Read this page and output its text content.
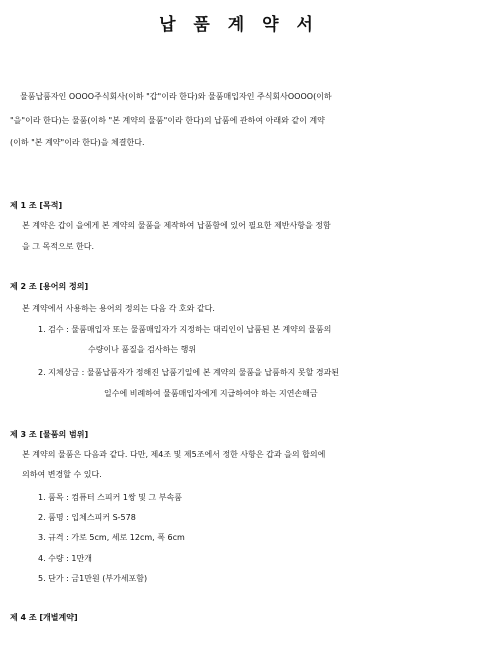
납 품 계 약 서
물품납품자인 OOOO주식회사(이하 "갑"이라 한다)와 물품매입자인 주식회사OOOO(이하
"을"이라 한다)는 물품(이하 "본 계약의 물품"이라 한다)의 납품에 관하여 아래와 같이 계약
(이하 "본 계약"이라 한다)을 체결한다.
제 1 조 [목적]
본 계약은 갑이 을에게 본 계약의 물품을 제작하여 납품함에 있어 필요한 제반사항을 정함
을 그 목적으로 한다.
제 2 조 [용어의 정의]
본 계약에서 사용하는 용어의 정의는 다음 각 호와 같다.
1. 검수 : 물품매입자 또는 물품매입자가 지정하는 대리인이 납품된 본 계약의 물품의
수량이나 품질을 검사하는 행위
2. 지체상금 : 물품납품자가 정해진 납품기일에 본 계약의 물품을 납품하지 못할 경과된
일수에 비례하여 물품매입자에게 지급하여야 하는 지연손해금
제 3 조 [물품의 범위]
본 계약의 물품은 다음과 같다. 다만, 제4조 및 제5조에서 정한 사항은 갑과 을의 합의에
의하여 변경할 수 있다.
1. 품목 : 컴퓨터 스피커 1쌍 및 그 부속품
2. 품명 : 입체스피커 S-578
3. 규격 : 가로 5cm, 세로 12cm, 폭 6cm
4. 수량 : 1만개
5. 단가 : 금1만원 (부가세포함)
제 4 조 [개별계약]
